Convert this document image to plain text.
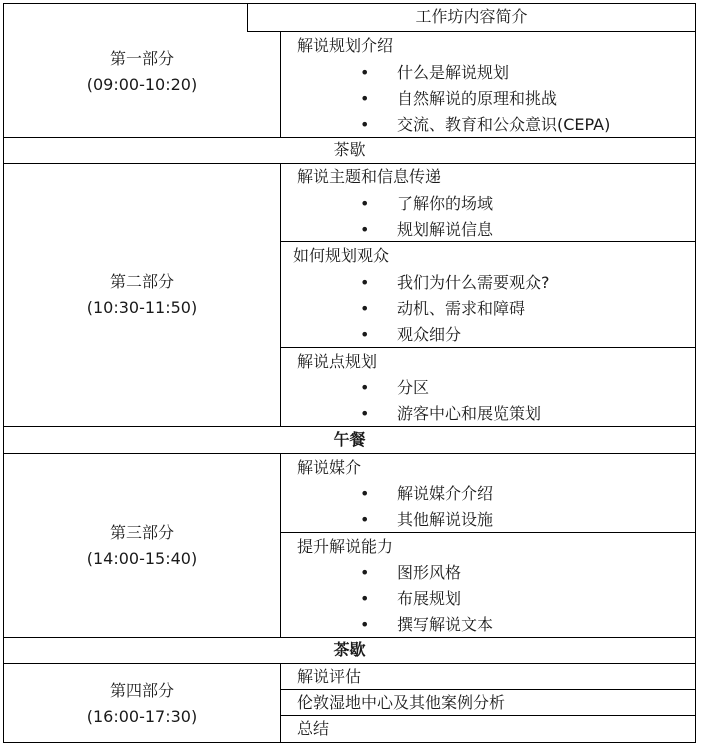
工作坊内容简介
第一部分
(09:00-10:20)
解说规划介绍
• 什么是解说规划
• 自然解说的原理和挑战
• 交流、教育和公众意识(CEPA)
茶歇
第二部分
(10:30-11:50)
解说主题和信息传递
• 了解你的场域
• 规划解说信息
如何规划观众
• 我们为什么需要观众?
• 动机、需求和障碍
• 观众细分
解说点规划
• 分区
• 游客中心和展览策划
午餐
第三部分
(14:00-15:40)
解说媒介
• 解说媒介介绍
• 其他解说设施
提升解说能力
• 图形风格
• 布展规划
• 撰写解说文本
茶歇
第四部分
(16:00-17:30)
解说评估
伦敦湿地中心及其他案例分析
总结
